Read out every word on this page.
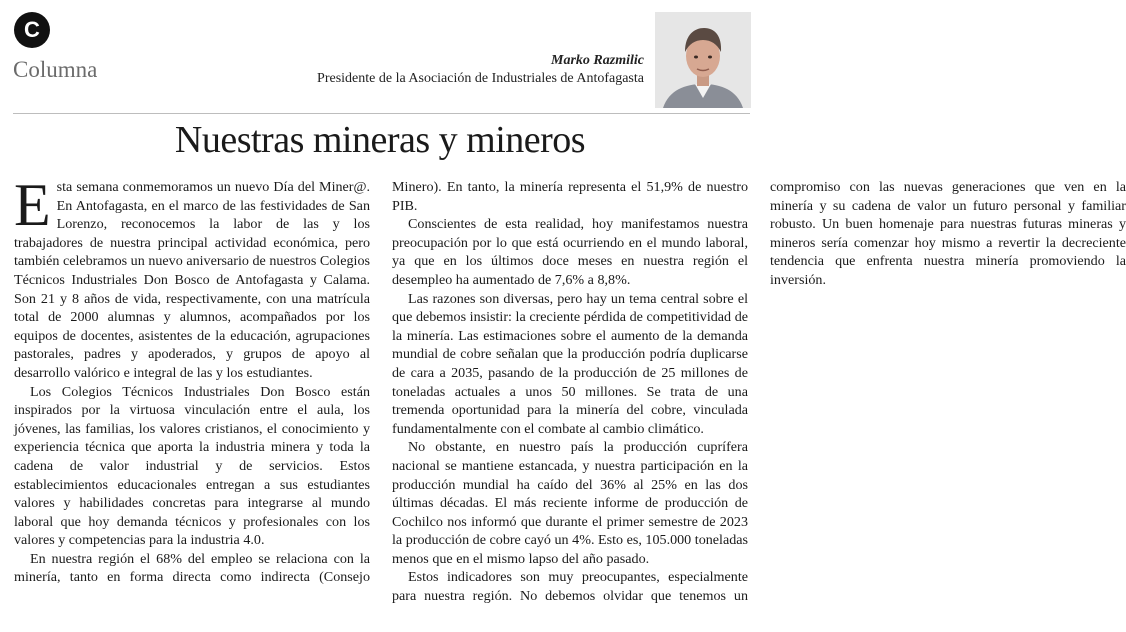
C
Columna	Marko Razmilic
Presidente de la Asociación de Industriales de Antofagasta
Nuestras mineras y mineros

Esta semana conmemoramos un nuevo Día del Miner@. En Antofagasta, en el marco de las festividades de San Lorenzo, reconocemos la labor de las y los trabajadores de nuestra principal actividad económica, pero también celebramos un nuevo aniversario de nuestros Colegios Técnicos Industriales Don Bosco de Antofagasta y Calama. Son 21 y 8 años de vida, respectivamente, con una matrícula total de 2000 alumnas y alumnos, acompañados por los equipos de docentes, asistentes de la educación, agrupaciones pastorales, padres y apoderados, y grupos de apoyo al desarrollo valórico e integral de las y los estudiantes.

Los Colegios Técnicos Industriales Don Bosco están inspirados por la virtuosa vinculación entre el aula, los jóvenes, las familias, los valores cristianos, el conocimiento y experiencia técnica que aporta la industria minera y toda la cadena de valor industrial y de servicios. Estos establecimientos educacionales entregan a sus estudiantes valores y habilidades concretas para integrarse al mundo laboral que hoy demanda técnicos y profesionales con los valores y competencias para la industria 4.0.

En nuestra región el 68% del empleo se relaciona con la minería, tanto en forma directa como indirecta (Consejo Minero). En tanto, la minería representa el 51,9% de nuestro PIB.

Conscientes de esta realidad, hoy manifestamos nuestra preocupación por lo que está ocurriendo en el mundo laboral, ya que en los últimos doce meses en nuestra región el desempleo ha aumentado de 7,6% a 8,8%.

Las razones son diversas, pero hay un tema central sobre el que debemos insistir: la creciente pérdida de competitividad de la minería. Las estimaciones sobre el aumento de la demanda mundial de cobre señalan que la producción podría duplicarse de cara a 2035, pasando de la producción de 25 millones de toneladas actuales a unos 50 millones. Se trata de una tremenda oportunidad para la minería del cobre, vinculada fundamentalmente con el combate al cambio climático.

No obstante, en nuestro país la producción cuprífera nacional se mantiene estancada, y nuestra participación en la producción mundial ha caído del 36% al 25% en las dos últimas décadas. El más reciente informe de producción de Cochilco nos informó que durante el primer semestre de 2023 la producción de cobre cayó un 4%. Esto es, 105.000 toneladas menos que en el mismo lapso del año pasado.

Estos indicadores son muy preocupantes, especialmente para nuestra región. No debemos olvidar que tenemos un compromiso con las nuevas generaciones que ven en la minería y su cadena de valor un futuro personal y familiar robusto. Un buen homenaje para nuestras futuras mineras y mineros sería comenzar hoy mismo a revertir la decreciente tendencia que enfrenta nuestra minería promoviendo la inversión.
